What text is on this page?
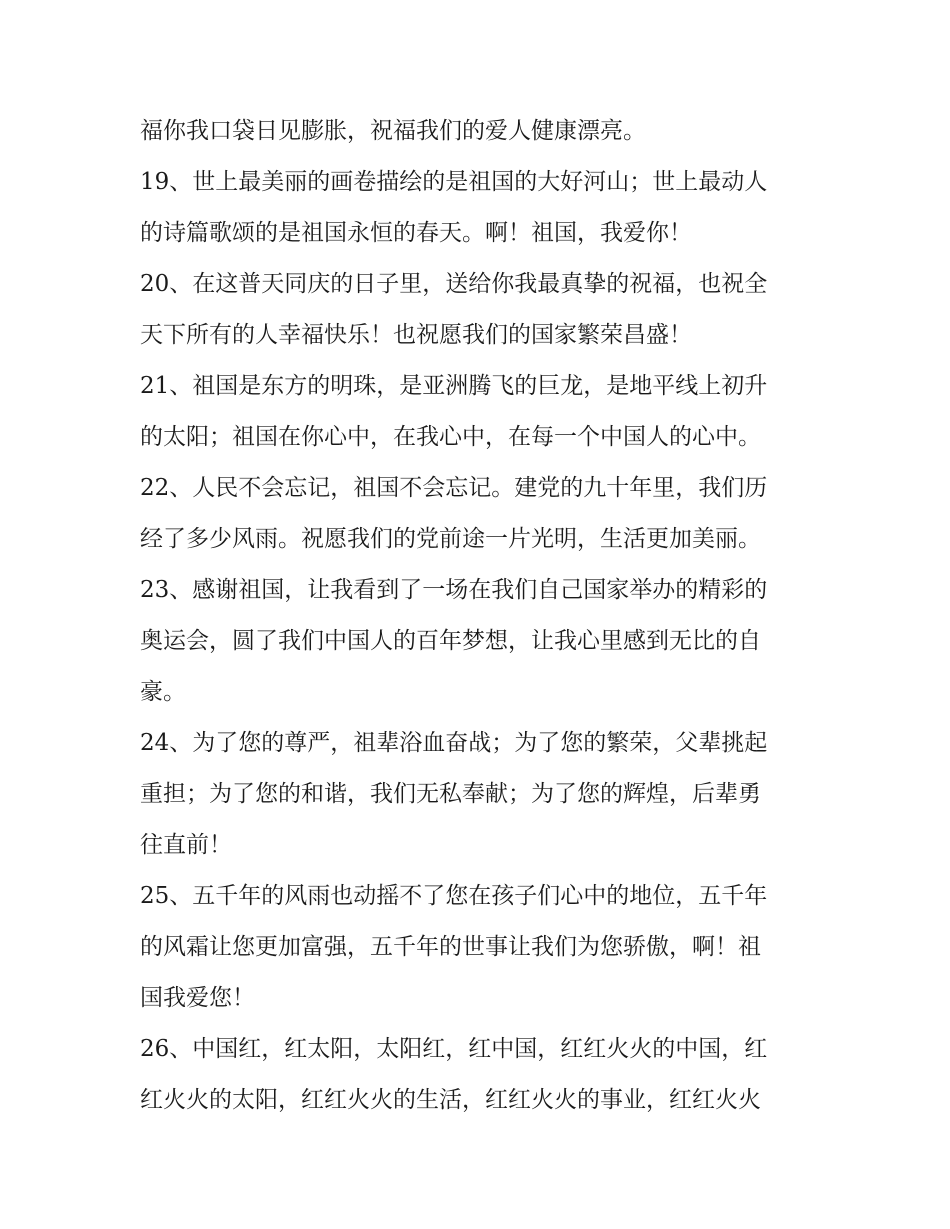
福你我口袋日见膨胀，祝福我们的爱人健康漂亮。
19、世上最美丽的画卷描绘的是祖国的大好河山；世上最动人
的诗篇歌颂的是祖国永恒的春天。啊！祖国，我爱你！
20、在这普天同庆的日子里，送给你我最真挚的祝福，也祝全
天下所有的人幸福快乐！也祝愿我们的国家繁荣昌盛！
21、祖国是东方的明珠，是亚洲腾飞的巨龙，是地平线上初升
的太阳；祖国在你心中，在我心中，在每一个中国人的心中。
22、人民不会忘记，祖国不会忘记。建党的九十年里，我们历
经了多少风雨。祝愿我们的党前途一片光明，生活更加美丽。
23、感谢祖国，让我看到了一场在我们自己国家举办的精彩的
奥运会，圆了我们中国人的百年梦想，让我心里感到无比的自
豪。
24、为了您的尊严，祖辈浴血奋战；为了您的繁荣，父辈挑起
重担；为了您的和谐，我们无私奉献；为了您的辉煌，后辈勇
往直前！
25、五千年的风雨也动摇不了您在孩子们心中的地位，五千年
的风霜让您更加富强，五千年的世事让我们为您骄傲，啊！祖
国我爱您！
26、中国红，红太阳，太阳红，红中国，红红火火的中国，红
红火火的太阳，红红火火的生活，红红火火的事业，红红火火
